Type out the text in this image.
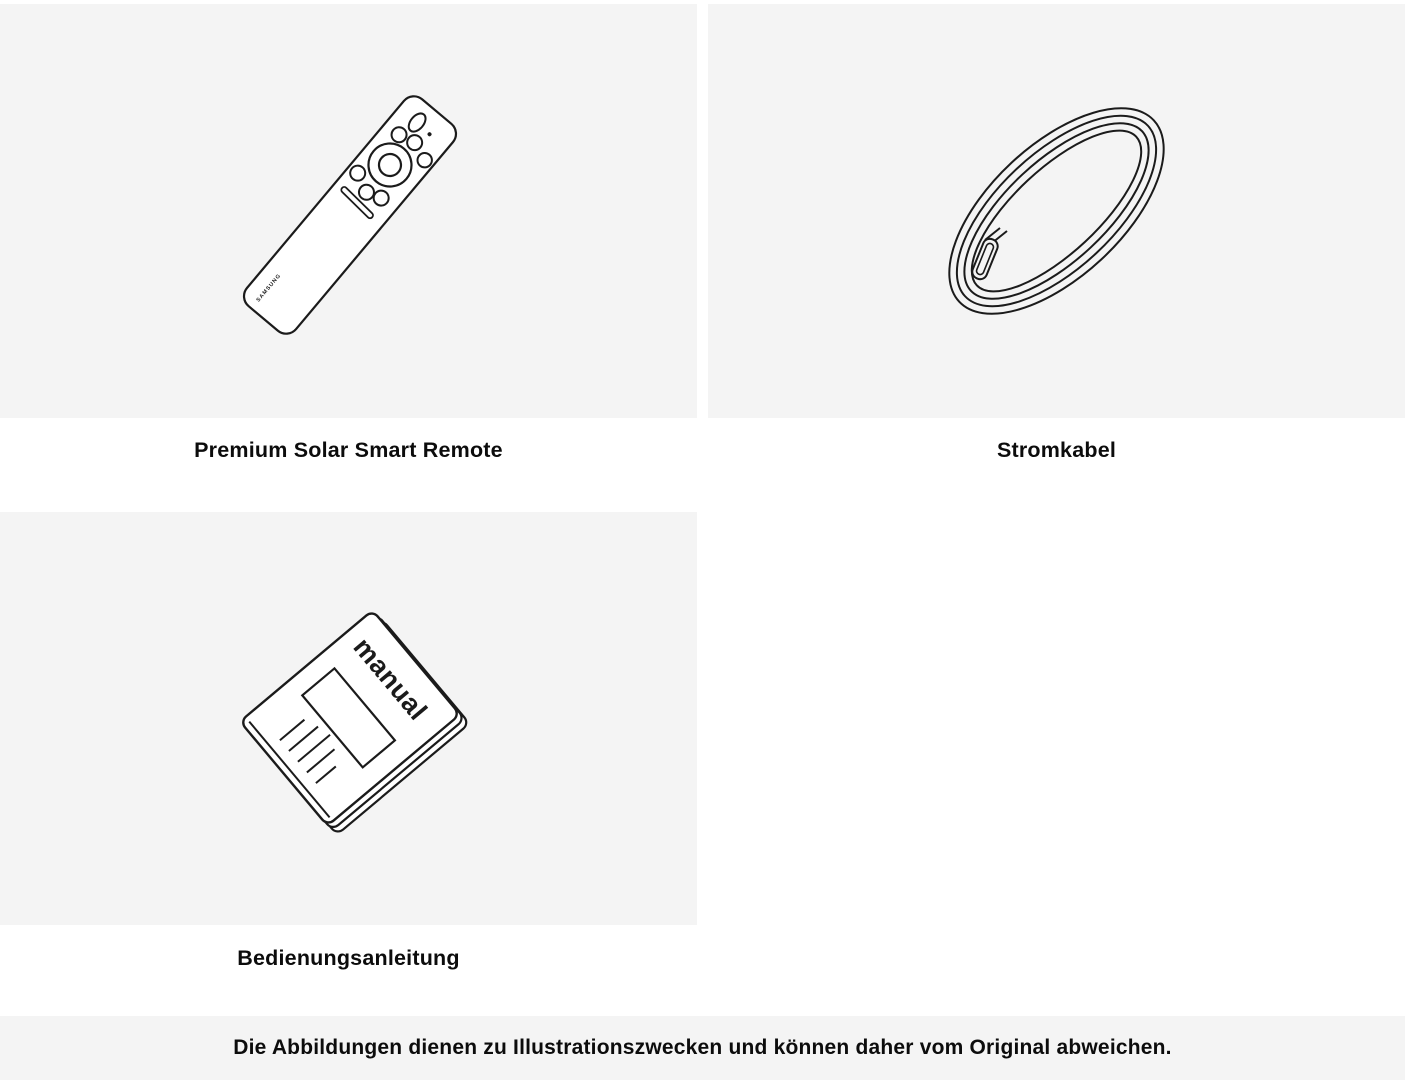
SAMSUNG
Premium Solar Smart Remote	Stromkabel
manual
Bedienungsanleitung

Die Abbildungen dienen zu Illustrationszwecken und können daher vom Original abweichen.
